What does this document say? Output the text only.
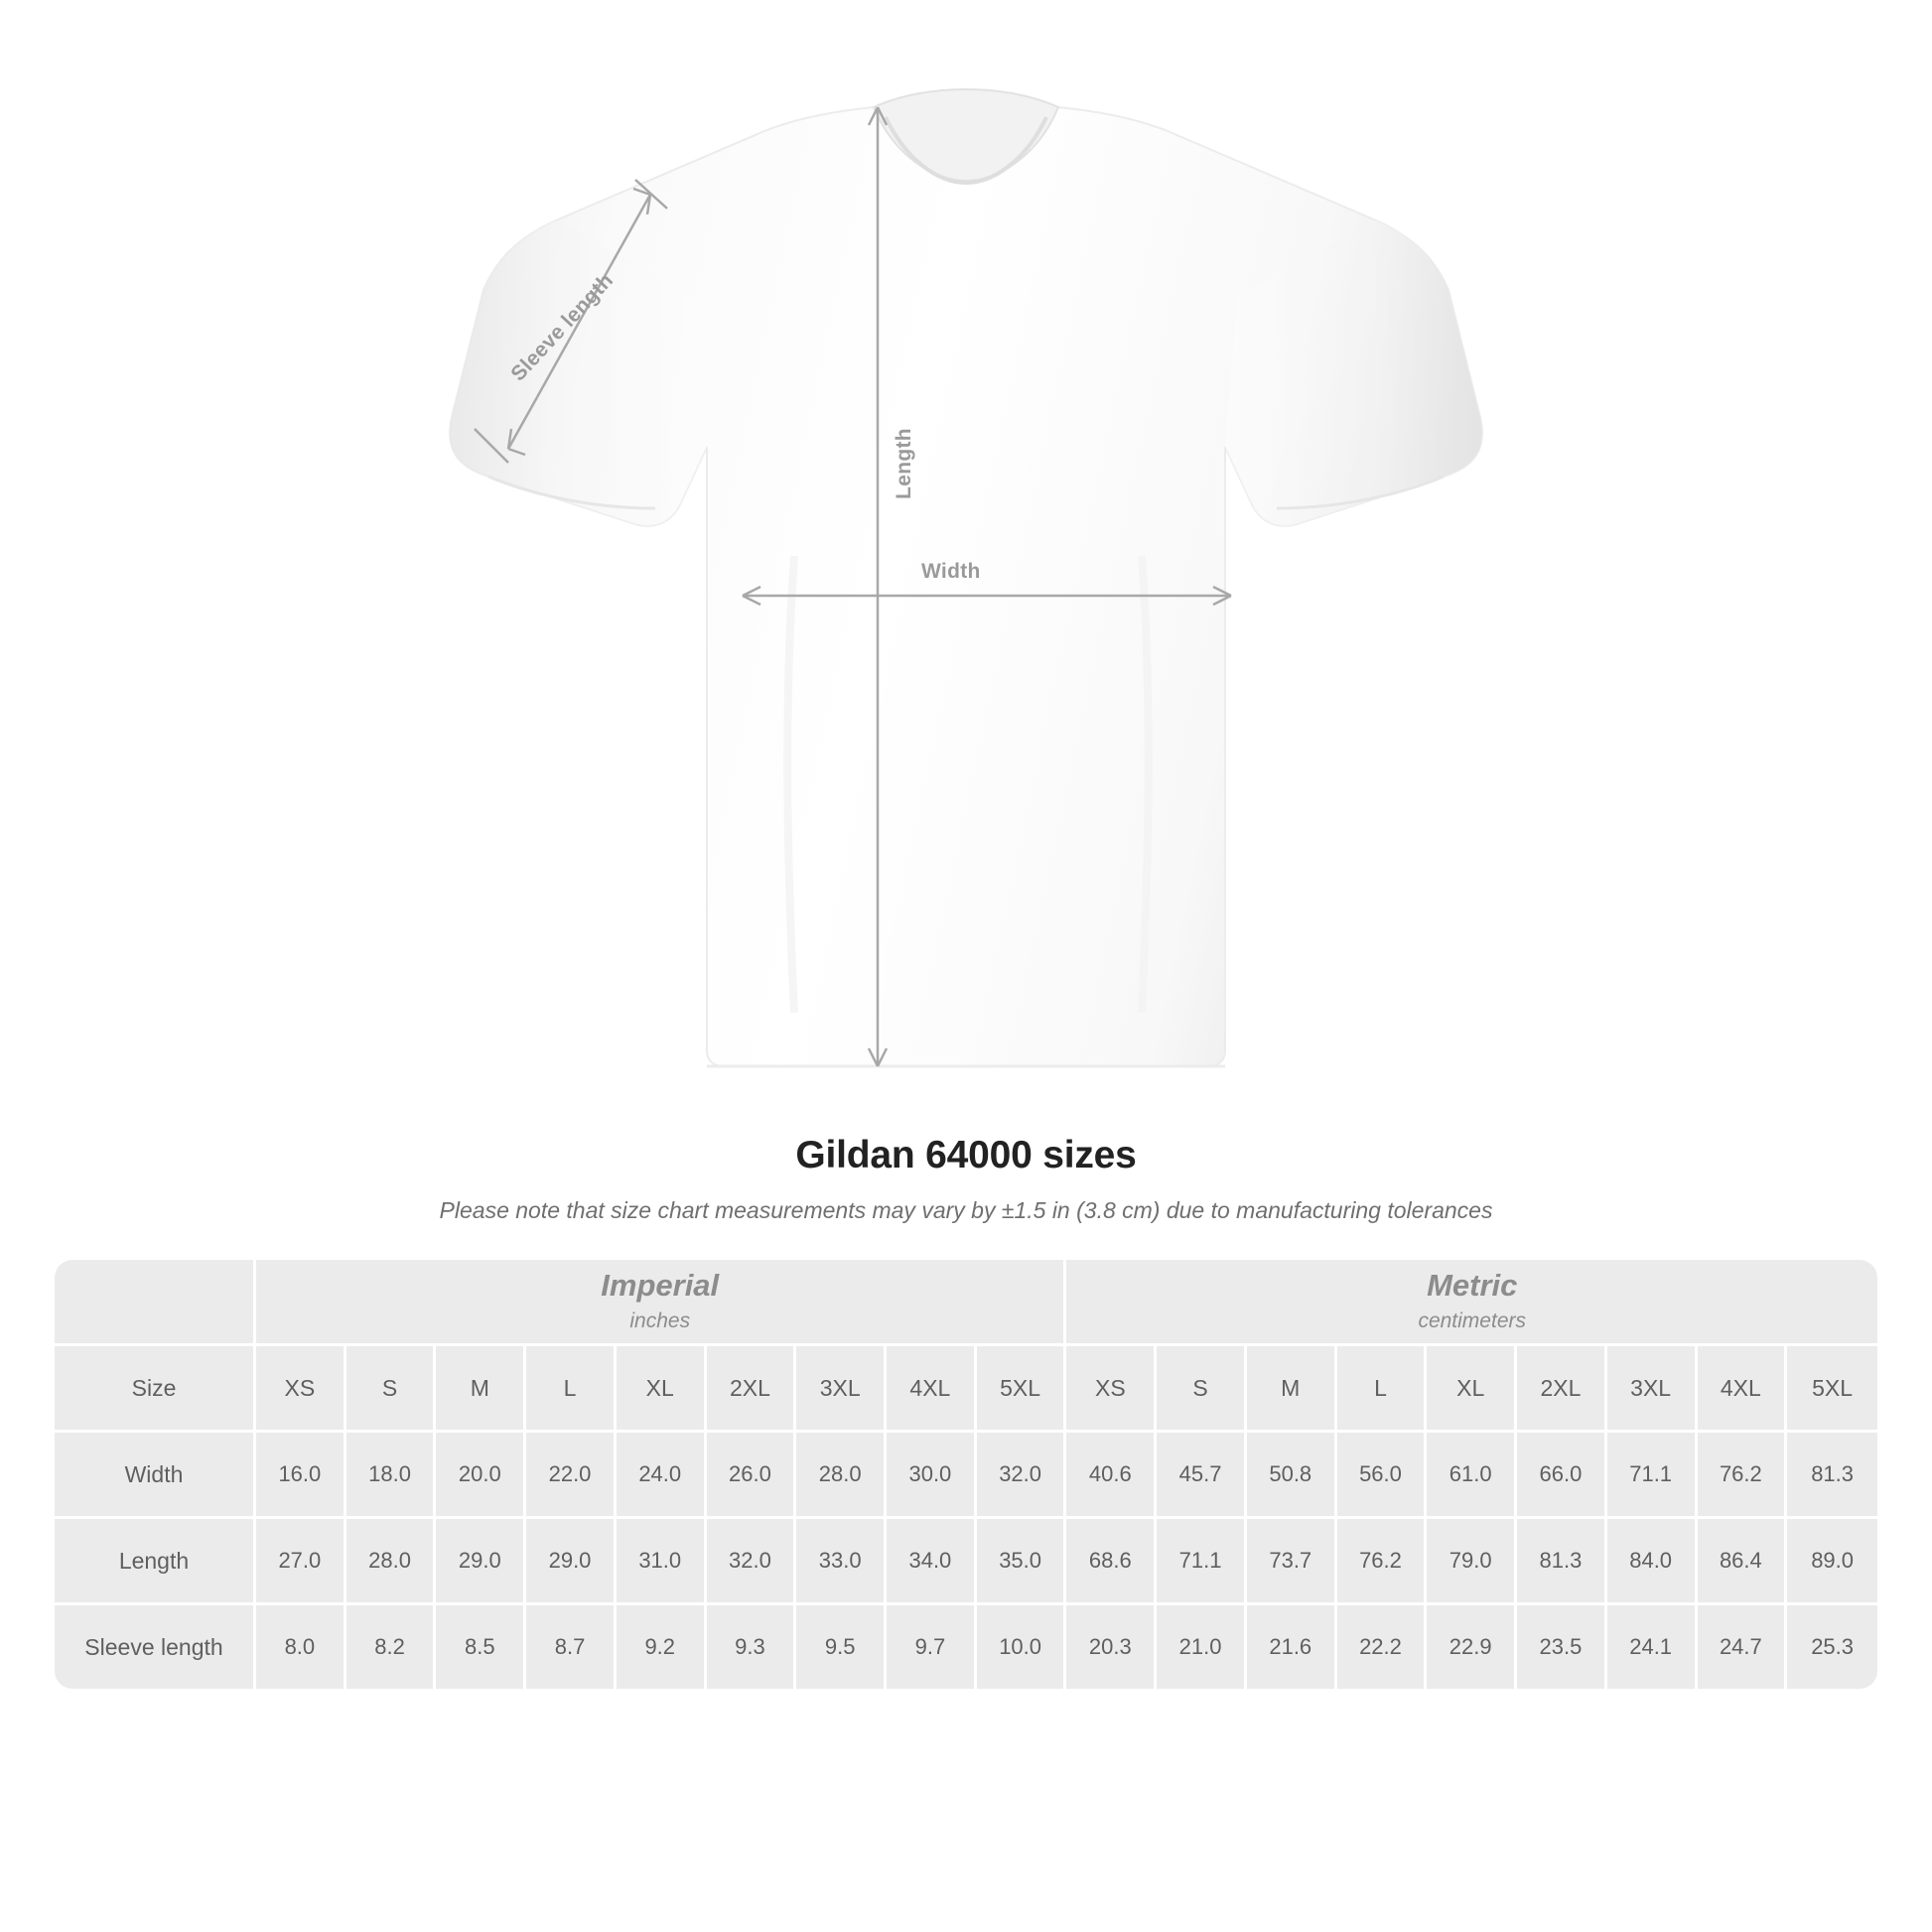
Sleeve length
Length
Width
Gildan 64000 sizes
Please note that size chart measurements may vary by ±1.5 in (3.8 cm) due to manufacturing tolerances

	Imperial
inches									Metric
centimeters								

Size	XS	S	M	L	XL	2XL	3XL	4XL	5XL	XS	S	M	L	XL	2XL	3XL	4XL	5XL
Width	16.0	18.0	20.0	22.0	24.0	26.0	28.0	30.0	32.0	40.6	45.7	50.8	56.0	61.0	66.0	71.1	76.2	81.3
Length	27.0	28.0	29.0	29.0	31.0	32.0	33.0	34.0	35.0	68.6	71.1	73.7	76.2	79.0	81.3	84.0	86.4	89.0
Sleeve length	8.0	8.2	8.5	8.7	9.2	9.3	9.5	9.7	10.0	20.3	21.0	21.6	22.2	22.9	23.5	24.1	24.7	25.3
